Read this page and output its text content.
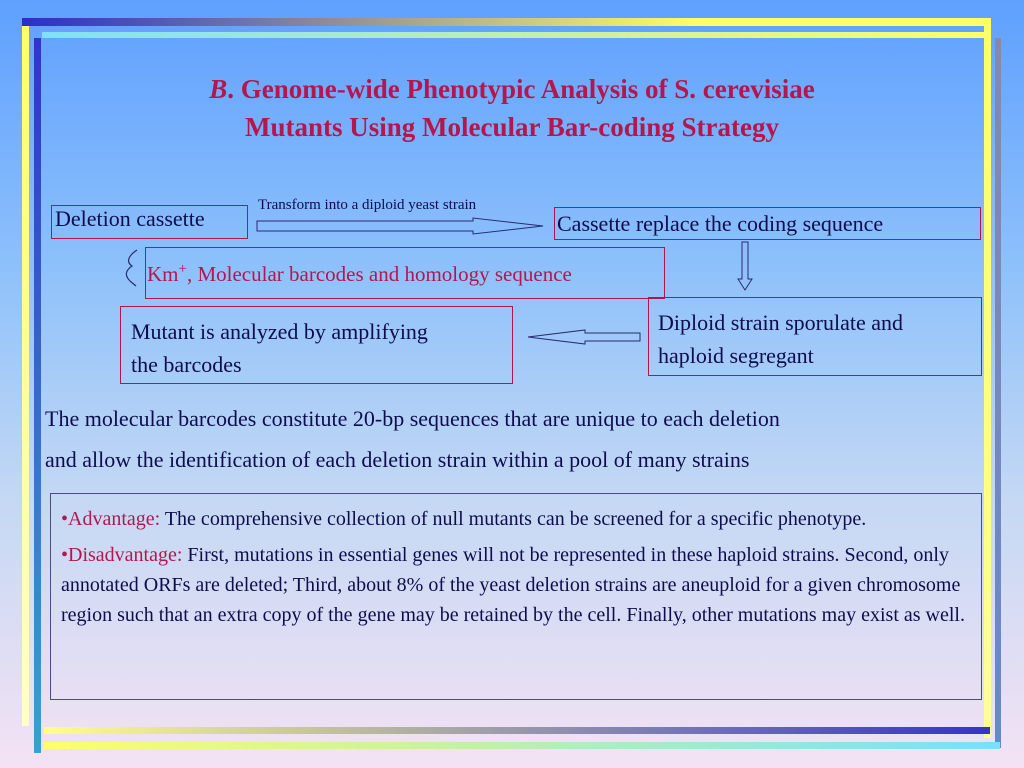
B. Genome-wide Phenotypic Analysis of S. cerevisiae
Mutants Using Molecular Bar-coding Strategy
Deletion cassette
Transform into a diploid yeast strain
Cassette replace the coding sequence
Km+, Molecular barcodes and homology sequence
Mutant is analyzed by amplifying
the barcodes
Diploid strain sporulate and
haploid segregant
The molecular barcodes constitute 20-bp sequences that are unique to each deletion
and allow the identification of each deletion strain within a pool of many strains

•Advantage: The comprehensive collection of null mutants can be screened for a specific phenotype.

•Disadvantage: First, mutations in essential genes will not be represented in these haploid strains. Second, only annotated ORFs are deleted; Third, about 8% of the yeast deletion strains are aneuploid for a given chromosome region such that an extra copy of the gene may be retained by the cell. Finally, other mutations may exist as well.
